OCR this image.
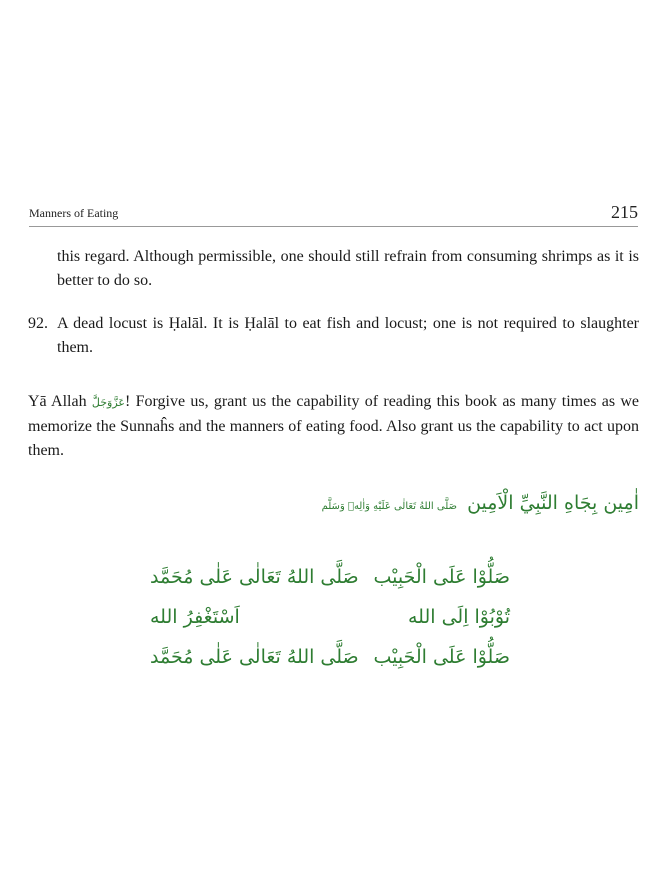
Manners of Eating	215
this regard. Although permissible, one should still refrain from consuming shrimps as it is better to do so.
92. A dead locust is Ḥalāl. It is Ḥalāl to eat fish and locust; one is not required to slaughter them.
Yā Allah عَزَّوَجَلَّ! Forgive us, grant us the capability of reading this book as many times as we memorize the Sunnaĥs and the manners of eating food. Also grant us the capability to act upon them.
اٰمِين بِجَاهِ النَّبِيِّ الْاَمِين صَلَّى اللهُ تَعَالٰى عَلَيْهِ وَاٰلِهٖ وَسَلَّم
صَلُّوْا عَلَى الْحَبِيْب
صَلَّى اللهُ تَعَالٰى عَلٰى مُحَمَّد
تُوْبُوْا اِلَى الله
اَسْتَغْفِرُ الله
صَلُّوْا عَلَى الْحَبِيْب
صَلَّى اللهُ تَعَالٰى عَلٰى مُحَمَّد
